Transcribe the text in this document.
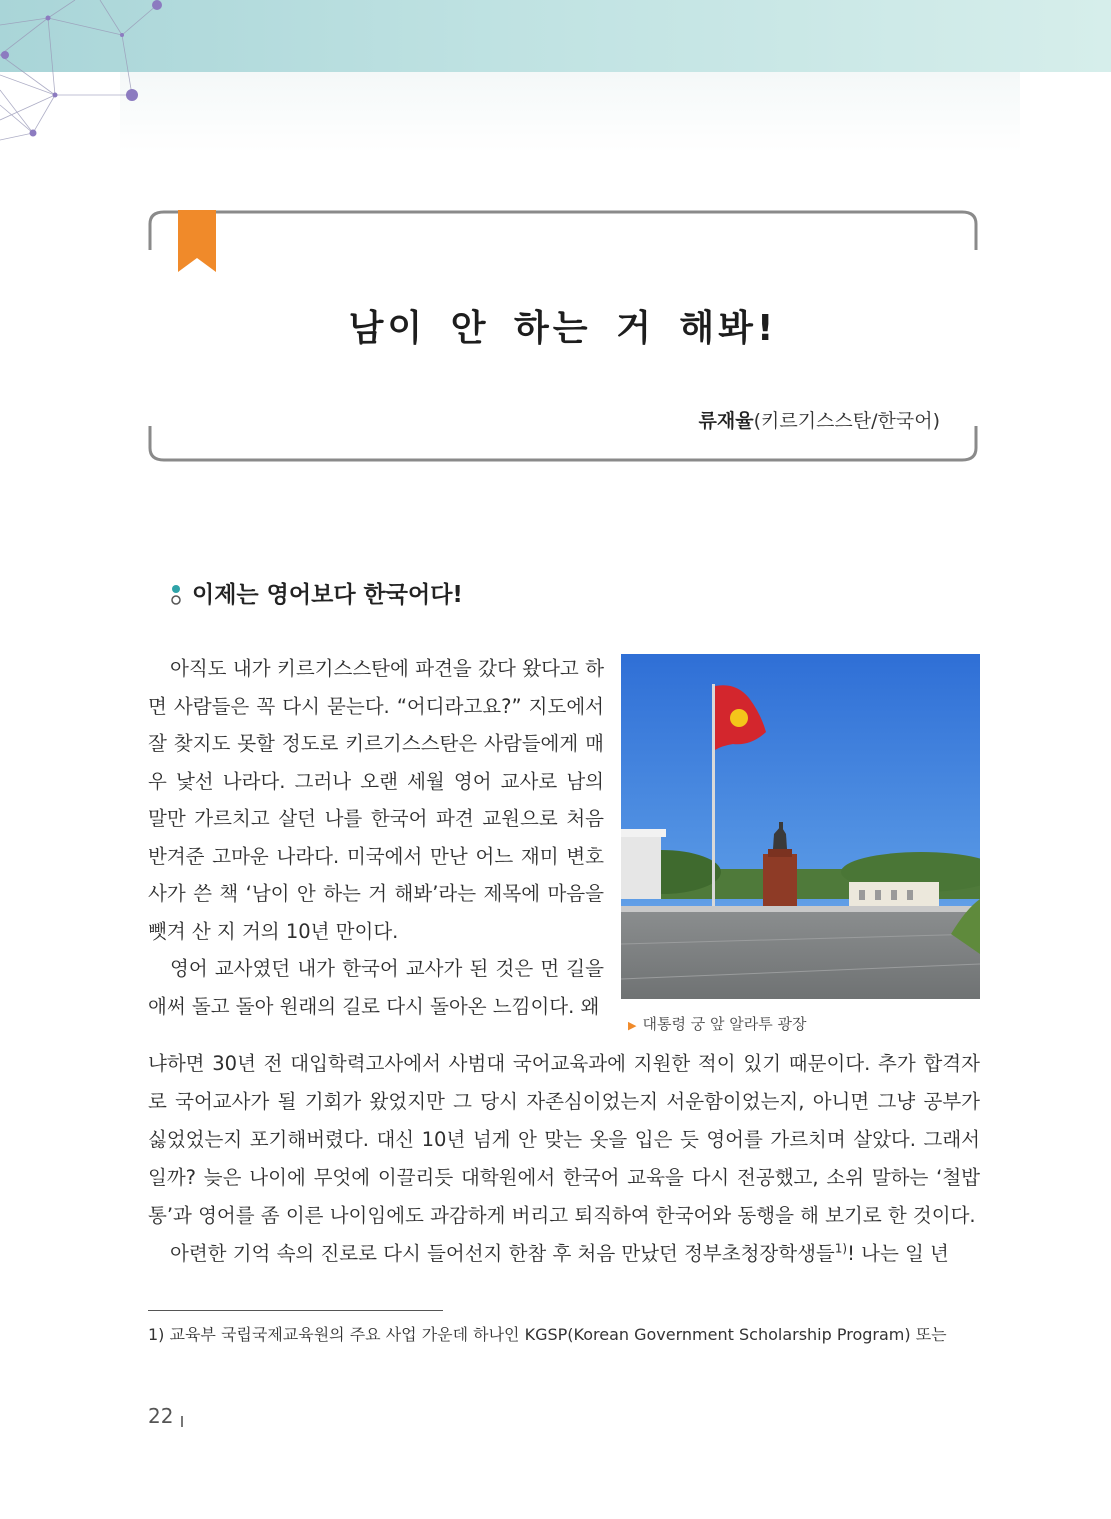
남이 안 하는 거 해봐!
류재율(키르기스스탄/한국어)
이제는 영어보다 한국어다!

아직도 내가 키르기스스탄에 파견을 갔다 왔다고 하면 사람들은 꼭 다시 묻는다. “어디라고요?” 지도에서 잘 찾지도 못할 정도로 키르기스스탄은 사람들에게 매우 낯선 나라다. 그러나 오랜 세월 영어 교사로 남의 말만 가르치고 살던 나를 한국어 파견 교원으로 처음 반겨준 고마운 나라다. 미국에서 만난 어느 재미 변호사가 쓴 책 ‘남이 안 하는 거 해봐’라는 제목에 마음을 뺏겨 산 지 거의 10년 만이다.

영어 교사였던 내가 한국어 교사가 된 것은 먼 길을 애써 돌고 돌아 원래의 길로 다시 돌아온 느낌이다. 왜

▶ 대통령 궁 앞 알라투 광장

냐하면 30년 전 대입학력고사에서 사범대 국어교육과에 지원한 적이 있기 때문이다. 추가 합격자로 국어교사가 될 기회가 왔었지만 그 당시 자존심이었는지 서운함이었는지, 아니면 그냥 공부가 싫었었는지 포기해버렸다. 대신 10년 넘게 안 맞는 옷을 입은 듯 영어를 가르치며 살았다. 그래서일까? 늦은 나이에 무엇에 이끌리듯 대학원에서 한국어 교육을 다시 전공했고, 소위 말하는 ‘철밥통’과 영어를 좀 이른 나이임에도 과감하게 버리고 퇴직하여 한국어와 동행을 해 보기로 한 것이다.

아련한 기억 속의 진로로 다시 들어선지 한참 후 처음 만났던 정부초청장학생들$^{1)}$! 나는 일 년

1) 교육부 국립국제교육원의 주요 사업 가운데 하나인 KGSP(Korean Government Scholarship Program) 또는
22
